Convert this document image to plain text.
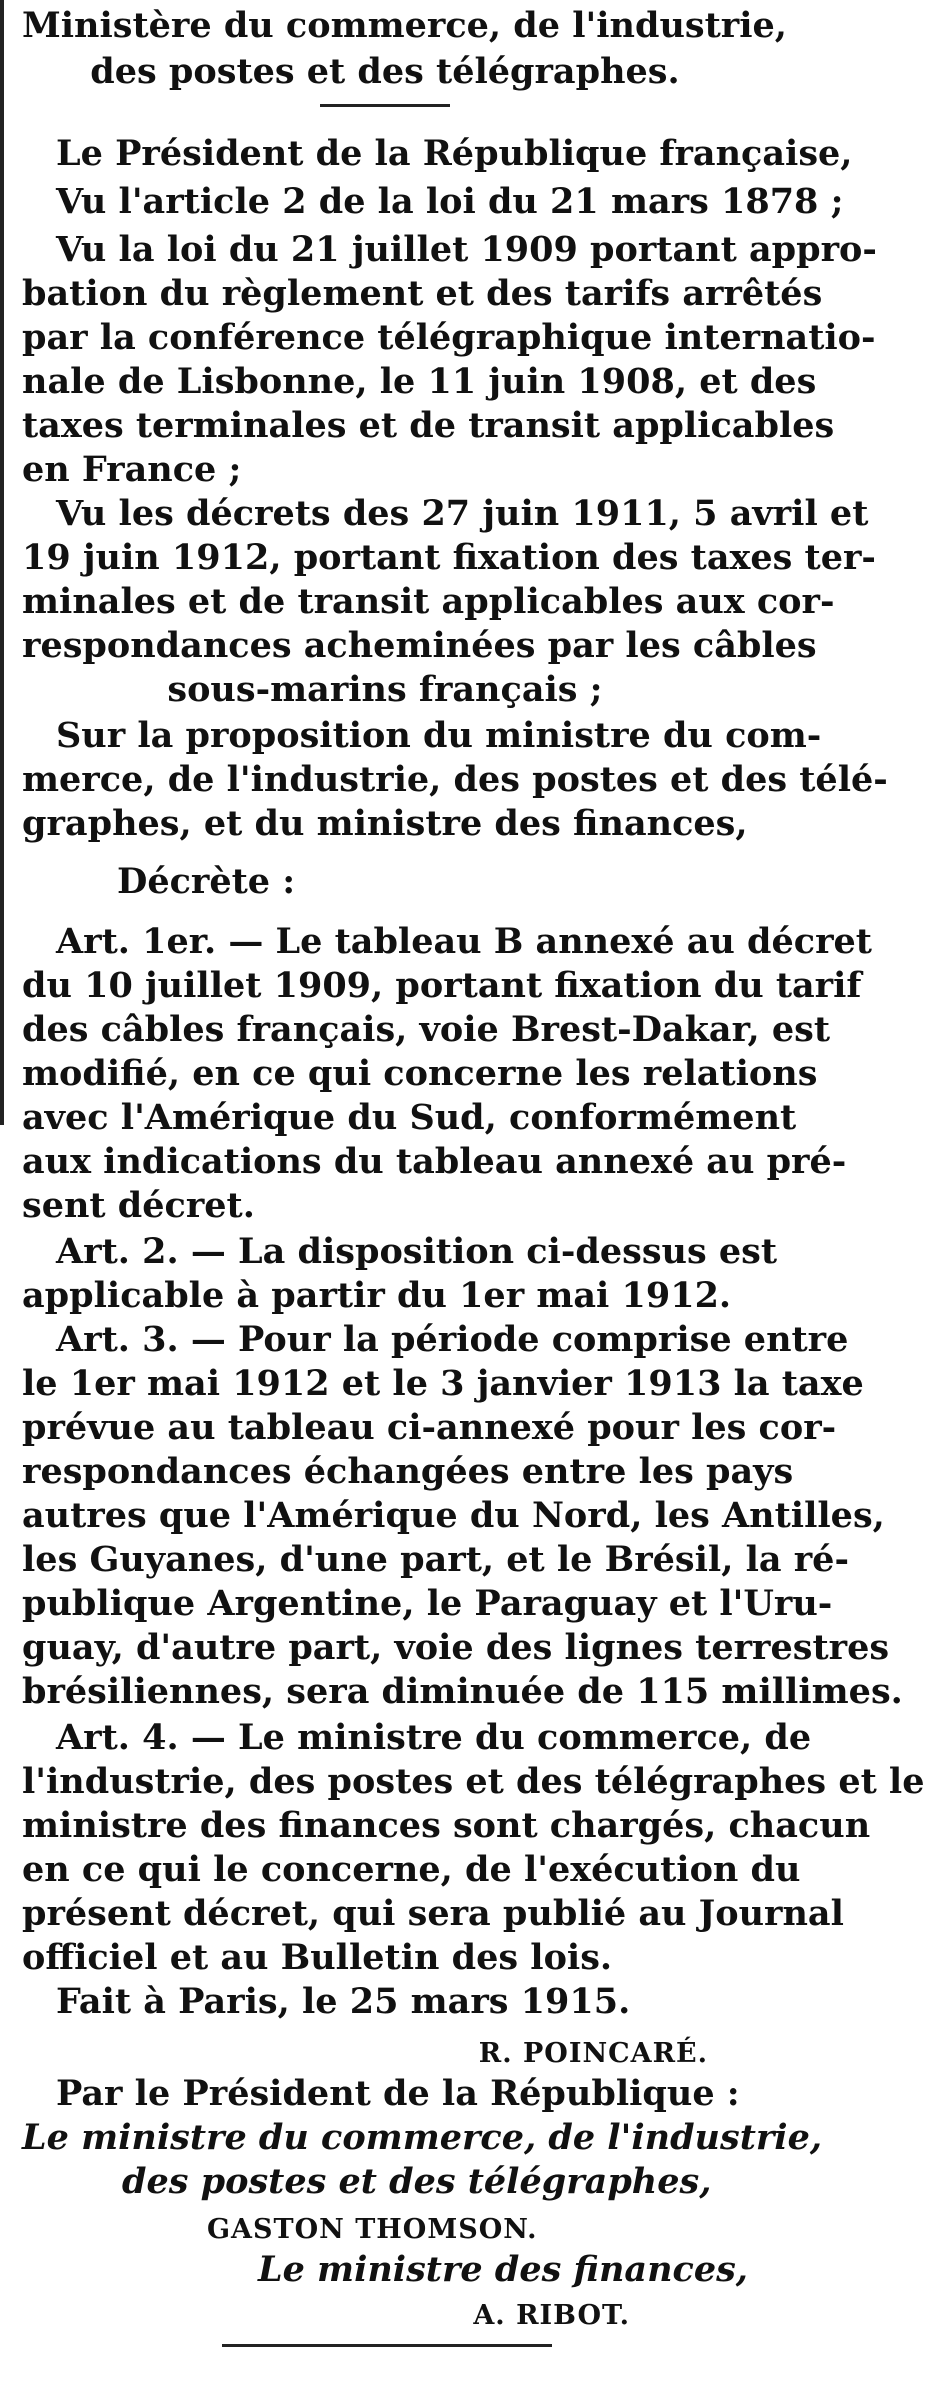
Ministère du commerce, de l'industrie,

des postes et des télégraphes.

Le Président de la République française,

Vu l'article 2 de la loi du 21 mars 1878 ;

Vu la loi du 21 juillet 1909 portant appro-

bation du règlement et des tarifs arrêtés

par la conférence télégraphique internatio-

nale de Lisbonne, le 11 juin 1908, et des

taxes terminales et de transit applicables

en France ;

Vu les décrets des 27 juin 1911, 5 avril et

19 juin 1912, portant fixation des taxes ter-

minales et de transit applicables aux cor-

respondances acheminées par les câbles

sous-marins français ;

Sur la proposition du ministre du com-

merce, de l'industrie, des postes et des télé-

graphes, et du ministre des finances,

Décrète :

Art. 1er. — Le tableau B annexé au décret

du 10 juillet 1909, portant fixation du tarif

des câbles français, voie Brest-Dakar, est

modifié, en ce qui concerne les relations

avec l'Amérique du Sud, conformément

aux indications du tableau annexé au pré-

sent décret.

Art. 2. — La disposition ci-dessus est

applicable à partir du 1er mai 1912.

Art. 3. — Pour la période comprise entre

le 1er mai 1912 et le 3 janvier 1913 la taxe

prévue au tableau ci-annexé pour les cor-

respondances échangées entre les pays

autres que l'Amérique du Nord, les Antilles,

les Guyanes, d'une part, et le Brésil, la ré-

publique Argentine, le Paraguay et l'Uru-

guay, d'autre part, voie des lignes terrestres

brésiliennes, sera diminuée de 115 millimes.

Art. 4. — Le ministre du commerce, de

l'industrie, des postes et des télégraphes et le

ministre des finances sont chargés, chacun

en ce qui le concerne, de l'exécution du

présent décret, qui sera publié au Journal

officiel et au Bulletin des lois.

Fait à Paris, le 25 mars 1915.

R. POINCARÉ.

Par le Président de la République :

Le ministre du commerce, de l'industrie,

des postes et des télégraphes,

GASTON THOMSON.

Le ministre des finances,

A. RIBOT.
